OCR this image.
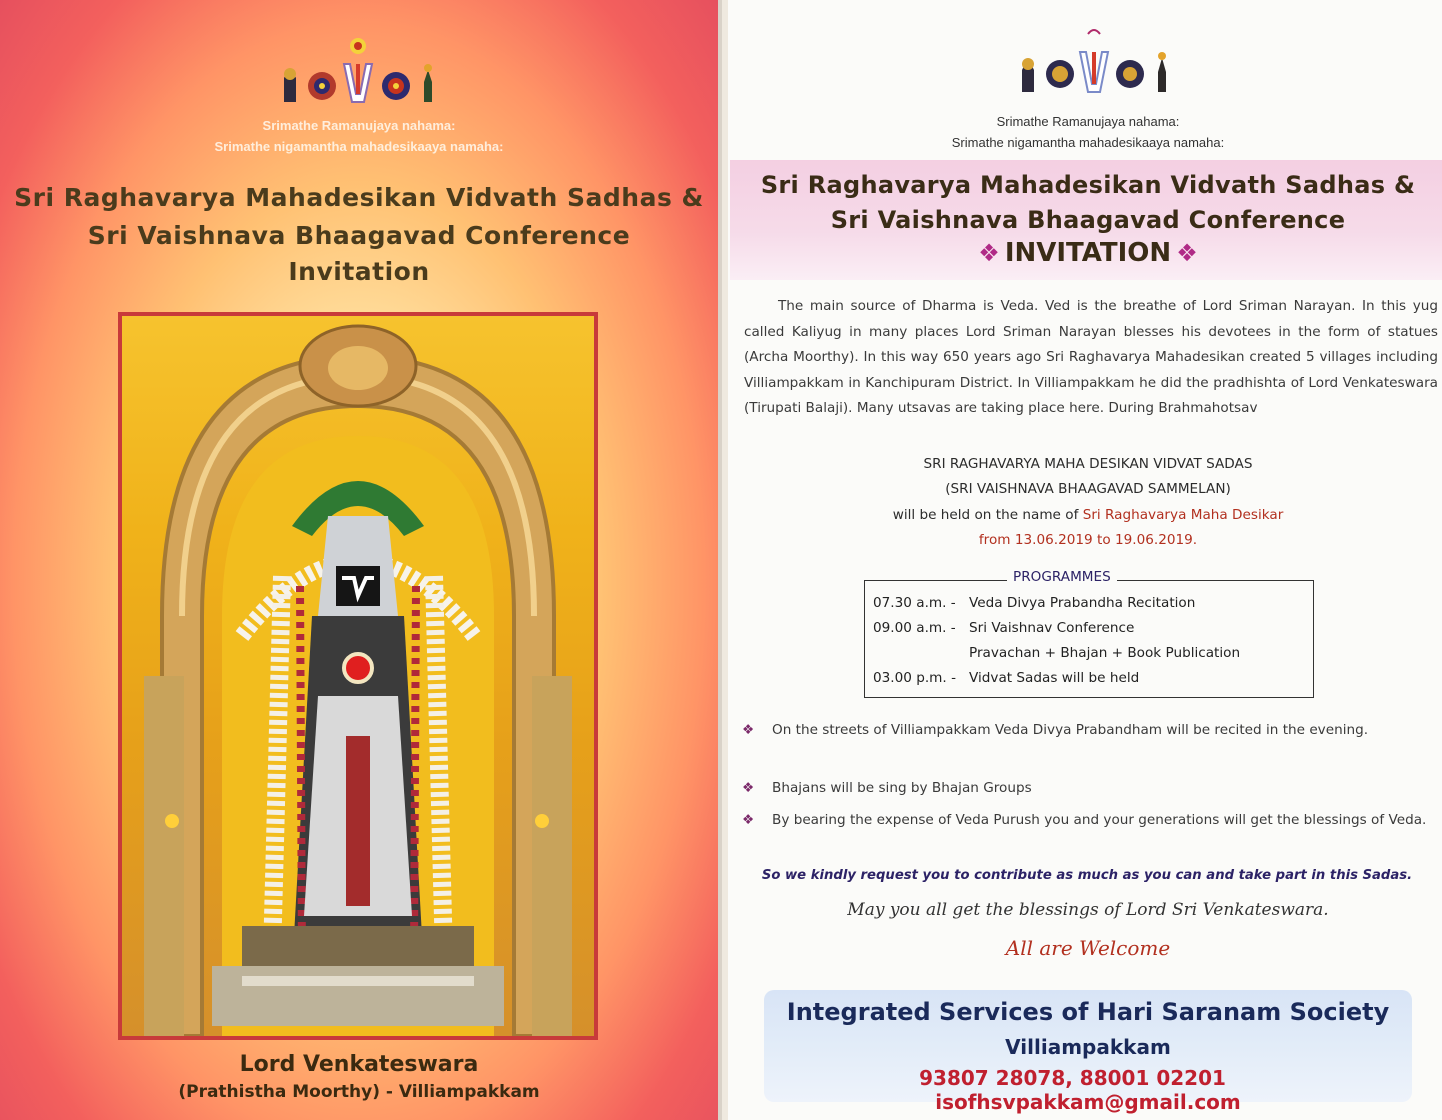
Srimathe Ramanujaya nahama:
Srimathe nigamantha mahadesikaaya namaha:
Sri Raghavarya Mahadesikan Vidvath Sadhas &
Sri Vaishnava Bhaagavad Conference
Invitation
Lord Venkateswara
(Prathistha Moorthy) - Villiampakkam
Srimathe Ramanujaya nahama:
Srimathe nigamantha mahadesikaaya namaha:
Sri Raghavarya Mahadesikan Vidvath Sadhas &
Sri Vaishnava Bhaagavad Conference
❖ INVITATION ❖
The main source of Dharma is Veda. Ved is the breathe of Lord Sriman Narayan. In this yug called Kaliyug in many places Lord Sriman Narayan blesses his devotees in the form of statues (Archa Moorthy). In this way 650 years ago Sri Raghavarya Mahadesikan created 5 villages including Villiampakkam in Kanchipuram District. In Villiampakkam he did the pradhishta of Lord Venkateswara (Tirupati Balaji). Many utsavas are taking place here. During Brahmahotsav
SRI RAGHAVARYA MAHA DESIKAN VIDVAT SADAS
(SRI VAISHNAVA BHAAGAVAD SAMMELAN)
will be held on the name of Sri Raghavarya Maha Desikar
from 13.06.2019 to 19.06.2019.
PROGRAMMES
07.30 a.m. - Veda Divya Prabandha Recitation
09.00 a.m. - Sri Vaishnav Conference
Pravachan + Bhajan + Book Publication
03.00 p.m. - Vidvat Sadas will be held
❖ On the streets of Villiampakkam Veda Divya Prabandham will be recited in the evening.
❖ Bhajans will be sing by Bhajan Groups
❖ By bearing the expense of Veda Purush you and your generations will get the blessings of Veda.
So we kindly request you to contribute as much as you can and take part in this Sadas.
May you all get the blessings of Lord Sri Venkateswara.
All are Welcome
Integrated Services of Hari Saranam Society
Villiampakkam
93807 28078, 88001 02201  isofhsvpakkam@gmail.com
